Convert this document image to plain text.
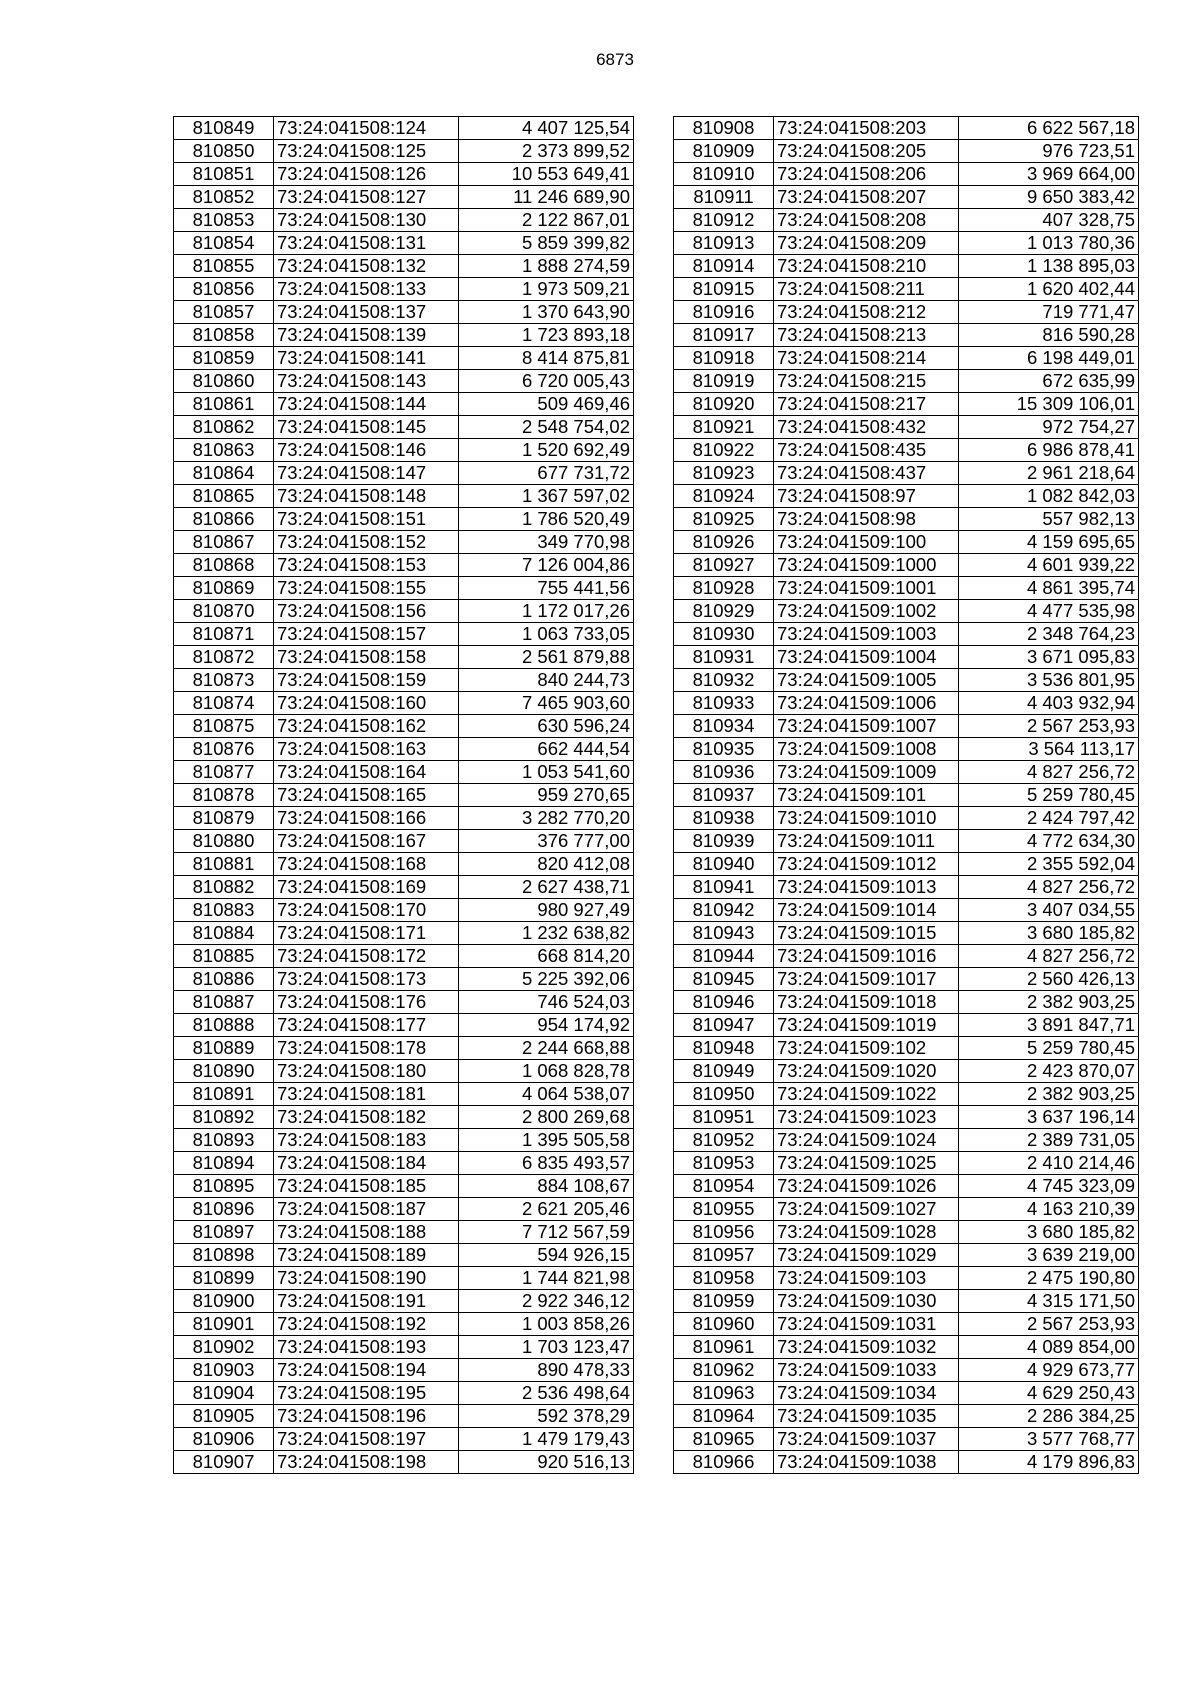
6873
810849	73:24:041508:124	4 407 125,54
810850	73:24:041508:125	2 373 899,52
810851	73:24:041508:126	10 553 649,41
810852	73:24:041508:127	11 246 689,90
810853	73:24:041508:130	2 122 867,01
810854	73:24:041508:131	5 859 399,82
810855	73:24:041508:132	1 888 274,59
810856	73:24:041508:133	1 973 509,21
810857	73:24:041508:137	1 370 643,90
810858	73:24:041508:139	1 723 893,18
810859	73:24:041508:141	8 414 875,81
810860	73:24:041508:143	6 720 005,43
810861	73:24:041508:144	509 469,46
810862	73:24:041508:145	2 548 754,02
810863	73:24:041508:146	1 520 692,49
810864	73:24:041508:147	677 731,72
810865	73:24:041508:148	1 367 597,02
810866	73:24:041508:151	1 786 520,49
810867	73:24:041508:152	349 770,98
810868	73:24:041508:153	7 126 004,86
810869	73:24:041508:155	755 441,56
810870	73:24:041508:156	1 172 017,26
810871	73:24:041508:157	1 063 733,05
810872	73:24:041508:158	2 561 879,88
810873	73:24:041508:159	840 244,73
810874	73:24:041508:160	7 465 903,60
810875	73:24:041508:162	630 596,24
810876	73:24:041508:163	662 444,54
810877	73:24:041508:164	1 053 541,60
810878	73:24:041508:165	959 270,65
810879	73:24:041508:166	3 282 770,20
810880	73:24:041508:167	376 777,00
810881	73:24:041508:168	820 412,08
810882	73:24:041508:169	2 627 438,71
810883	73:24:041508:170	980 927,49
810884	73:24:041508:171	1 232 638,82
810885	73:24:041508:172	668 814,20
810886	73:24:041508:173	5 225 392,06
810887	73:24:041508:176	746 524,03
810888	73:24:041508:177	954 174,92
810889	73:24:041508:178	2 244 668,88
810890	73:24:041508:180	1 068 828,78
810891	73:24:041508:181	4 064 538,07
810892	73:24:041508:182	2 800 269,68
810893	73:24:041508:183	1 395 505,58
810894	73:24:041508:184	6 835 493,57
810895	73:24:041508:185	884 108,67
810896	73:24:041508:187	2 621 205,46
810897	73:24:041508:188	7 712 567,59
810898	73:24:041508:189	594 926,15
810899	73:24:041508:190	1 744 821,98
810900	73:24:041508:191	2 922 346,12
810901	73:24:041508:192	1 003 858,26
810902	73:24:041508:193	1 703 123,47
810903	73:24:041508:194	890 478,33
810904	73:24:041508:195	2 536 498,64
810905	73:24:041508:196	592 378,29
810906	73:24:041508:197	1 479 179,43
810907	73:24:041508:198	920 516,13
810908	73:24:041508:203	6 622 567,18
810909	73:24:041508:205	976 723,51
810910	73:24:041508:206	3 969 664,00
810911	73:24:041508:207	9 650 383,42
810912	73:24:041508:208	407 328,75
810913	73:24:041508:209	1 013 780,36
810914	73:24:041508:210	1 138 895,03
810915	73:24:041508:211	1 620 402,44
810916	73:24:041508:212	719 771,47
810917	73:24:041508:213	816 590,28
810918	73:24:041508:214	6 198 449,01
810919	73:24:041508:215	672 635,99
810920	73:24:041508:217	15 309 106,01
810921	73:24:041508:432	972 754,27
810922	73:24:041508:435	6 986 878,41
810923	73:24:041508:437	2 961 218,64
810924	73:24:041508:97	1 082 842,03
810925	73:24:041508:98	557 982,13
810926	73:24:041509:100	4 159 695,65
810927	73:24:041509:1000	4 601 939,22
810928	73:24:041509:1001	4 861 395,74
810929	73:24:041509:1002	4 477 535,98
810930	73:24:041509:1003	2 348 764,23
810931	73:24:041509:1004	3 671 095,83
810932	73:24:041509:1005	3 536 801,95
810933	73:24:041509:1006	4 403 932,94
810934	73:24:041509:1007	2 567 253,93
810935	73:24:041509:1008	3 564 113,17
810936	73:24:041509:1009	4 827 256,72
810937	73:24:041509:101	5 259 780,45
810938	73:24:041509:1010	2 424 797,42
810939	73:24:041509:1011	4 772 634,30
810940	73:24:041509:1012	2 355 592,04
810941	73:24:041509:1013	4 827 256,72
810942	73:24:041509:1014	3 407 034,55
810943	73:24:041509:1015	3 680 185,82
810944	73:24:041509:1016	4 827 256,72
810945	73:24:041509:1017	2 560 426,13
810946	73:24:041509:1018	2 382 903,25
810947	73:24:041509:1019	3 891 847,71
810948	73:24:041509:102	5 259 780,45
810949	73:24:041509:1020	2 423 870,07
810950	73:24:041509:1022	2 382 903,25
810951	73:24:041509:1023	3 637 196,14
810952	73:24:041509:1024	2 389 731,05
810953	73:24:041509:1025	2 410 214,46
810954	73:24:041509:1026	4 745 323,09
810955	73:24:041509:1027	4 163 210,39
810956	73:24:041509:1028	3 680 185,82
810957	73:24:041509:1029	3 639 219,00
810958	73:24:041509:103	2 475 190,80
810959	73:24:041509:1030	4 315 171,50
810960	73:24:041509:1031	2 567 253,93
810961	73:24:041509:1032	4 089 854,00
810962	73:24:041509:1033	4 929 673,77
810963	73:24:041509:1034	4 629 250,43
810964	73:24:041509:1035	2 286 384,25
810965	73:24:041509:1037	3 577 768,77
810966	73:24:041509:1038	4 179 896,83
